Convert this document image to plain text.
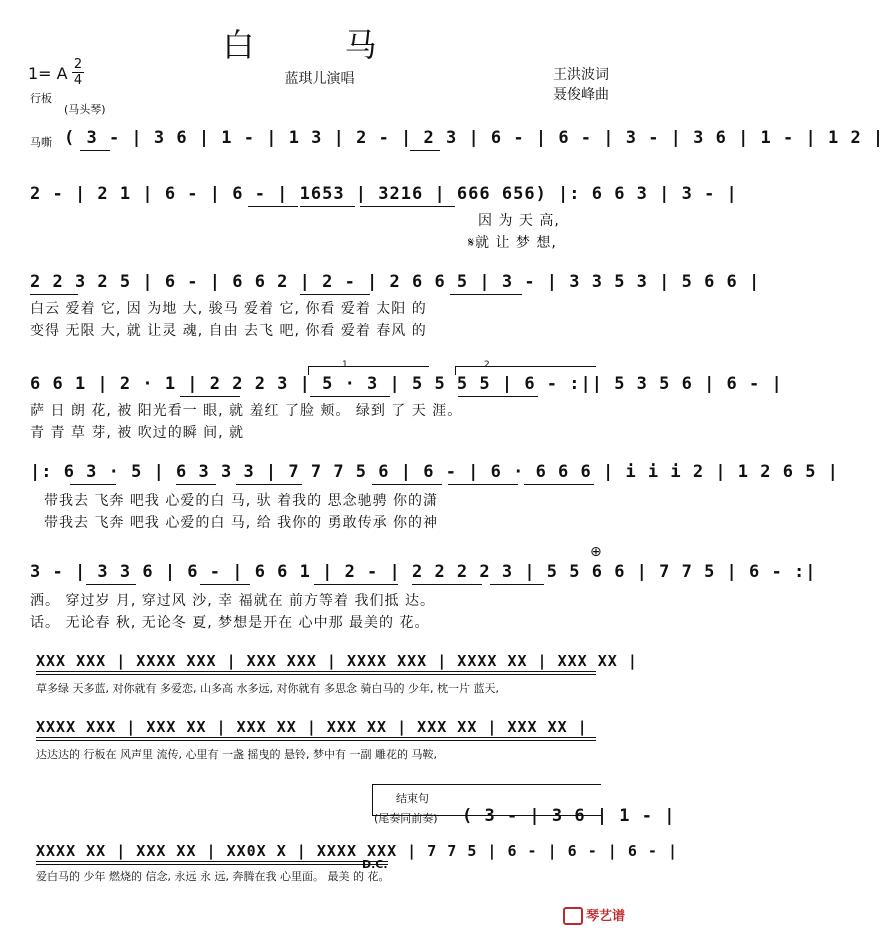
白 马
蓝琪儿演唱
1= A 2
4
行板
(马头琴)
王洪波词
聂俊峰曲
马嘶 ( 3 - | 3 6 | 1 - | 1 3 | 2 - | 2 3 | 6 - | 6 - | 3 - | 3 6 | 1 - | 1 2 |
2 - | 2 1 | 6 - | 6 - | 1653 | 3216 | 666 656) |: 6 6 3 | 3 - |
因 为 天 高,
𝄋就 让 梦 想,
2 2 3 2 5 | 6 - | 6 6 2 | 2 - | 2 6 6 5 | 3 - | 3 3 5 3 | 5 6 6 |
白云 爱着 它, 因 为地 大, 骏马 爱着 它, 你看 爱着 太阳 的
变得 无限 大, 就 让灵 魂, 自由 去飞 吧, 你看 爱着 春风 的
1	2
6 6 1 | 2 · 1 | 2 2 2 3 | 5 · 3 | 5 5 5 5 | 6 - :|| 5 3 5 6 | 6 - |
萨 日 朗 花, 被 阳光看一 眼, 就 羞红 了脸 颊。 绿到 了 天 涯。
青 青 草 芽, 被 吹过的瞬 间, 就
|: 6 3 · 5 | 6 3 3 3 | 7 7 7 5 6 | 6 - | 6 · 6 6 6 | i i i 2 | 1 2 6 5 |
带我去 飞奔 吧我 心爱的白 马, 驮 着我的 思念驰骋 你的潇
带我去 飞奔 吧我 心爱的白 马, 给 我你的 勇敢传承 你的神
⊕
3 - | 3 3 6 | 6 - | 6 6 1 | 2 - | 2 2 2 2 3 | 5 5 6 6 | 7 7 5 | 6 - :|
洒。 穿过岁 月, 穿过风 沙, 幸 福就在 前方等着 我们抵 达。
话。 无论春 秋, 无论冬 夏, 梦想是开在 心中那 最美的 花。
XXX XXX | XXXX XXX | XXX XXX | XXXX XXX | XXXX XX | XXX XX |
草多绿 天多蓝, 对你就有 多爱恋, 山多高 水多远, 对你就有 多思念 骑白马的 少年, 枕一片 蓝天,
XXXX XXX | XXX XX | XXX XX | XXX XX | XXX XX | XXX XX |
达达达的 行板在 风声里 流传, 心里有 一盏 摇曳的 悬铃, 梦中有 一副 雕花的 马鞍,
结束句
(尾奏同前奏) ( 3 - | 3 6 | 1 - |
XXXX XX | XXX XX | XX0X X | XXXX XXX | 7 7 5 | 6 - | 6 - | 6 - |
D.C.
爱白马的 少年 燃烧的 信念, 永远 永 远, 奔腾在我 心里面。 最美 的 花。
琴艺谱
